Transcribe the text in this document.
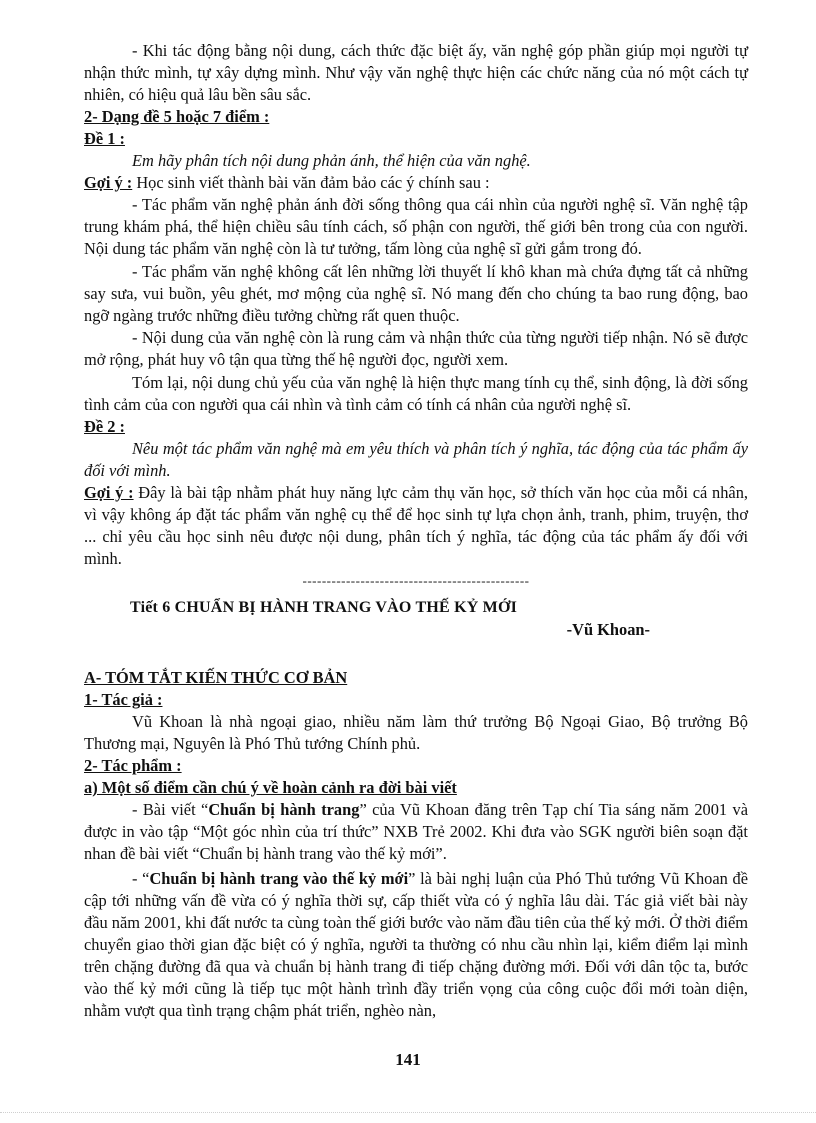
- Khi tác động bằng nội dung, cách thức đặc biệt ấy, văn nghệ góp phần giúp mọi người tự nhận thức mình, tự xây dựng mình. Như vậy văn nghệ thực hiện các chức năng của nó một cách tự nhiên, có hiệu quả lâu bền sâu sắc.

2- Dạng đề 5 hoặc 7 điểm :

Đề 1 :

Em hãy phân tích nội dung phản ánh, thể hiện của văn nghệ.

Gợi ý : Học sinh viết thành bài văn đảm bảo các ý chính sau :

- Tác phẩm văn nghệ phản ánh đời sống thông qua cái nhìn của người nghệ sĩ. Văn nghệ tập trung khám phá, thể hiện chiều sâu tính cách, số phận con người, thế giới bên trong của con người. Nội dung tác phẩm văn nghệ còn là tư tưởng, tấm lòng của nghệ sĩ gửi gắm trong đó.

- Tác phẩm văn nghệ không cất lên những lời thuyết lí khô khan mà chứa đựng tất cả những say sưa, vui buồn, yêu ghét, mơ mộng của nghệ sĩ. Nó mang đến cho chúng ta bao rung động, bao ngỡ ngàng trước những điều tưởng chừng rất quen thuộc.

- Nội dung của văn nghệ còn là rung cảm và nhận thức của từng người tiếp nhận. Nó sẽ được mở rộng, phát huy vô tận qua từng thế hệ người đọc, người xem.

Tóm lại, nội dung chủ yếu của văn nghệ là hiện thực mang tính cụ thể, sinh động, là đời sống tình cảm của con người qua cái nhìn và tình cảm có tính cá nhân của người nghệ sĩ.

Đề 2 :

Nêu một tác phẩm văn nghệ mà em yêu thích và phân tích ý nghĩa, tác động của tác phẩm ấy đối với mình.

Gợi ý : Đây là bài tập nhằm phát huy năng lực cảm thụ văn học, sở thích văn học của mỗi cá nhân, vì vậy không áp đặt tác phẩm văn nghệ cụ thể để học sinh tự lựa chọn ảnh, tranh, phim, truyện, thơ ... chỉ yêu cầu học sinh nêu được nội dung, phân tích ý nghĩa, tác động của tác phẩm ấy đối với mình.

-----------------------------------------------

Tiết 6 CHUẨN BỊ HÀNH TRANG VÀO THẾ KỶ MỚI

-Vũ Khoan-

A- TÓM TẮT KIẾN THỨC CƠ BẢN

1- Tác giả :

Vũ Khoan là nhà ngoại giao, nhiều năm làm thứ trưởng Bộ Ngoại Giao, Bộ trưởng Bộ Thương mại, Nguyên là Phó Thủ tướng Chính phủ.

2- Tác phẩm :

a) Một số điểm cần chú ý về hoàn cảnh ra đời bài viết

- Bài viết “Chuẩn bị hành trang” của Vũ Khoan đăng trên Tạp chí Tia sáng năm 2001 và được in vào tập “Một góc nhìn của trí thức” NXB Trẻ 2002. Khi đưa vào SGK người biên soạn đặt nhan đề bài viết “Chuẩn bị hành trang vào thế kỷ mới”.

- “Chuẩn bị hành trang vào thế kỷ mới” là bài nghị luận của Phó Thủ tướng Vũ Khoan đề cập tới những vấn đề vừa có ý nghĩa thời sự, cấp thiết vừa có ý nghĩa lâu dài. Tác giả viết bài này đầu năm 2001, khi đất nước ta cùng toàn thế giới bước vào năm đầu tiên của thế kỷ mới. Ở thời điểm chuyển giao thời gian đặc biệt có ý nghĩa, người ta thường có nhu cầu nhìn lại, kiểm điểm lại mình trên chặng đường đã qua và chuẩn bị hành trang đi tiếp chặng đường mới. Đối với dân tộc ta, bước vào thế kỷ mới cũng là tiếp tục một hành trình đầy triển vọng của công cuộc đổi mới toàn diện, nhằm vượt qua tình trạng chậm phát triển, nghèo nàn,

141
